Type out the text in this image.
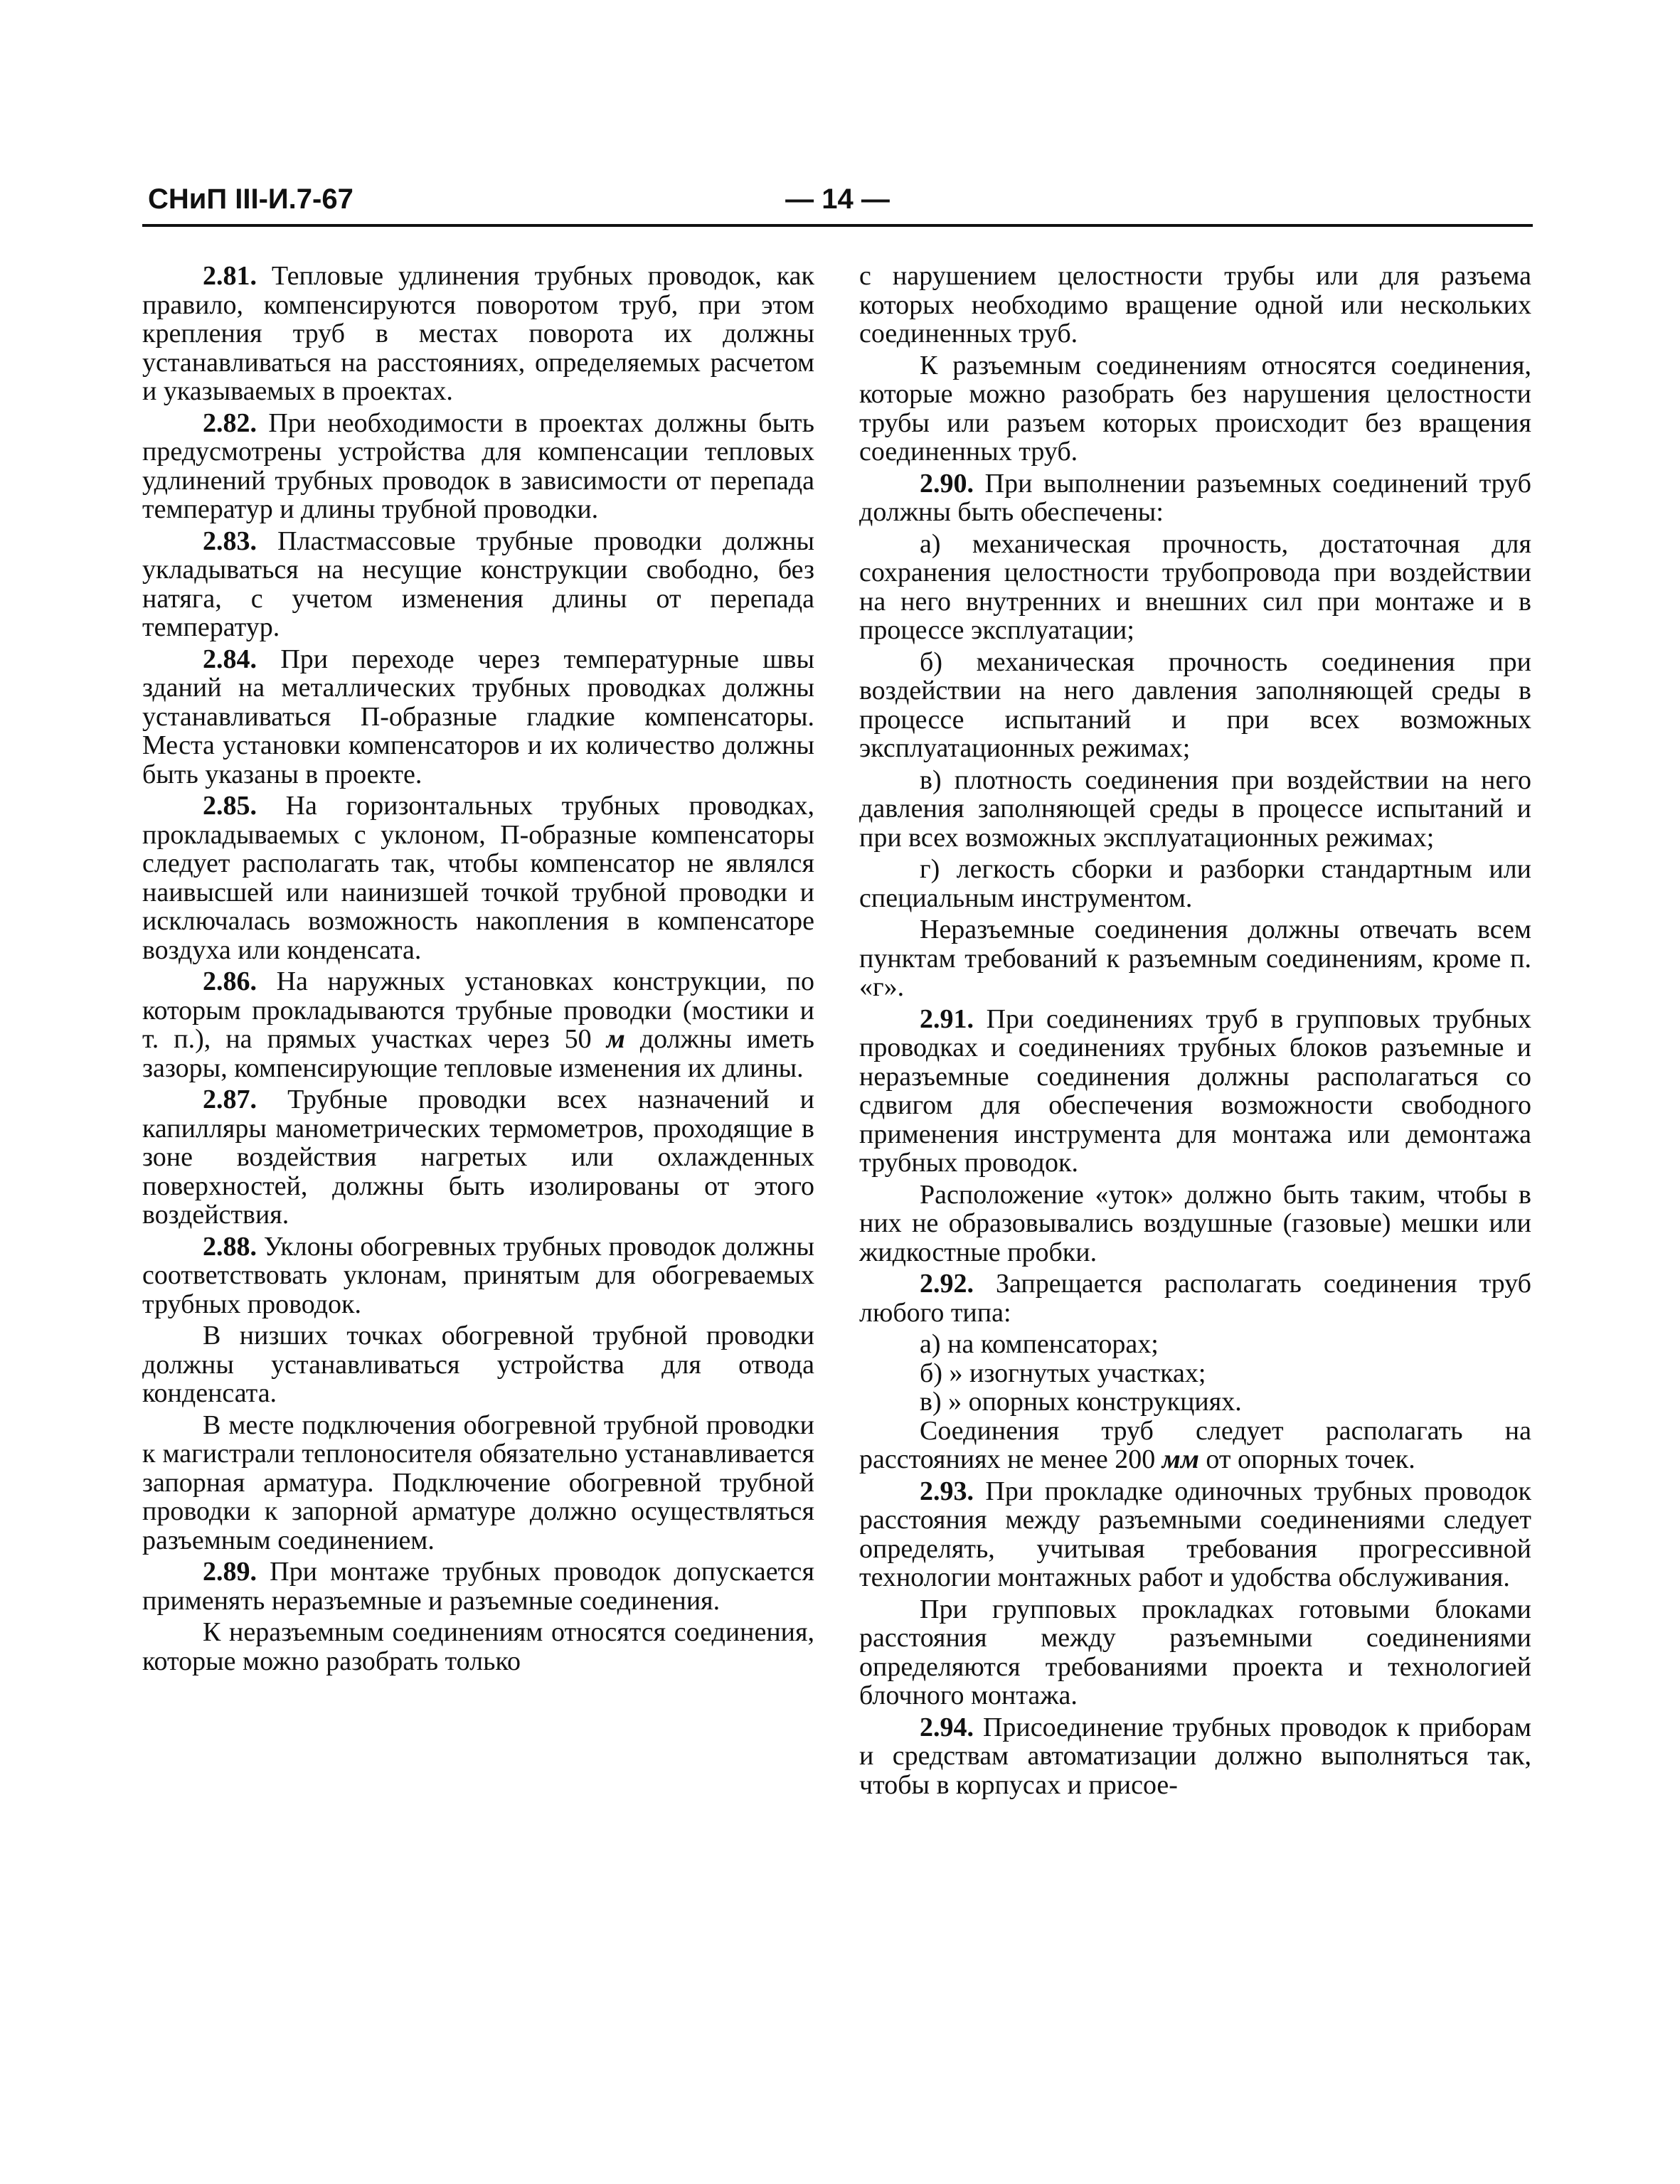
СНиП III-И.7-67	— 14 —

2.81. Тепловые удлинения трубных проводок, как правило, компенсируются поворотом труб, при этом крепления труб в местах поворота их должны устанавливаться на расстояниях, определяемых расчетом и указываемых в проектах.

2.82. При необходимости в проектах должны быть предусмотрены устройства для компенсации тепловых удлинений трубных проводок в зависимости от перепада температур и длины трубной проводки.

2.83. Пластмассовые трубные проводки должны укладываться на несущие конструкции свободно, без натяга, с учетом изменения длины от перепада температур.

2.84. При переходе через температурные швы зданий на металлических трубных проводках должны устанавливаться П-образные гладкие компенсаторы. Места установки компенсаторов и их количество должны быть указаны в проекте.

2.85. На горизонтальных трубных проводках, прокладываемых с уклоном, П-образные компенсаторы следует располагать так, чтобы компенсатор не являлся наивысшей или наинизшей точкой трубной проводки и исключалась возможность накопления в компенсаторе воздуха или конденсата.

2.86. На наружных установках конструкции, по которым прокладываются трубные проводки (мостики и т. п.), на прямых участках через 50 м должны иметь зазоры, компенсирующие тепловые изменения их длины.

2.87. Трубные проводки всех назначений и капилляры манометрических термометров, проходящие в зоне воздействия нагретых или охлажденных поверхностей, должны быть изолированы от этого воздействия.

2.88. Уклоны обогревных трубных проводок должны соответствовать уклонам, принятым для обогреваемых трубных проводок.

В низших точках обогревной трубной проводки должны устанавливаться устройства для отвода конденсата.

В месте подключения обогревной трубной проводки к магистрали теплоносителя обязательно устанавливается запорная арматура. Подключение обогревной трубной проводки к запорной арматуре должно осуществляться разъемным соединением.

2.89. При монтаже трубных проводок допускается применять неразъемные и разъемные соединения.

К неразъемным соединениям относятся соединения, которые можно разобрать только

с нарушением целостности трубы или для разъема которых необходимо вращение одной или нескольких соединенных труб.

К разъемным соединениям относятся соединения, которые можно разобрать без нарушения целостности трубы или разъем которых происходит без вращения соединенных труб.

2.90. При выполнении разъемных соединений труб должны быть обеспечены:

а) механическая прочность, достаточная для сохранения целостности трубопровода при воздействии на него внутренних и внешних сил при монтаже и в процессе эксплуатации;

б) механическая прочность соединения при воздействии на него давления заполняющей среды в процессе испытаний и при всех возможных эксплуатационных режимах;

в) плотность соединения при воздействии на него давления заполняющей среды в процессе испытаний и при всех возможных эксплуатационных режимах;

г) легкость сборки и разборки стандартным или специальным инструментом.

Неразъемные соединения должны отвечать всем пунктам требований к разъемным соединениям, кроме п. «г».

2.91. При соединениях труб в групповых трубных проводках и соединениях трубных блоков разъемные и неразъемные соединения должны располагаться со сдвигом для обеспечения возможности свободного применения инструмента для монтажа или демонтажа трубных проводок.

Расположение «уток» должно быть таким, чтобы в них не образовывались воздушные (газовые) мешки или жидкостные пробки.

2.92. Запрещается располагать соединения труб любого типа:

а) на компенсаторах;

б) » изогнутых участках;

в) » опорных конструкциях.

Соединения труб следует располагать на расстояниях не менее 200 мм от опорных точек.

2.93. При прокладке одиночных трубных проводок расстояния между разъемными соединениями следует определять, учитывая требования прогрессивной технологии монтажных работ и удобства обслуживания.

При групповых прокладках готовыми блоками расстояния между разъемными соединениями определяются требованиями проекта и технологией блочного монтажа.

2.94. Присоединение трубных проводок к приборам и средствам автоматизации должно выполняться так, чтобы в корпусах и присое-
